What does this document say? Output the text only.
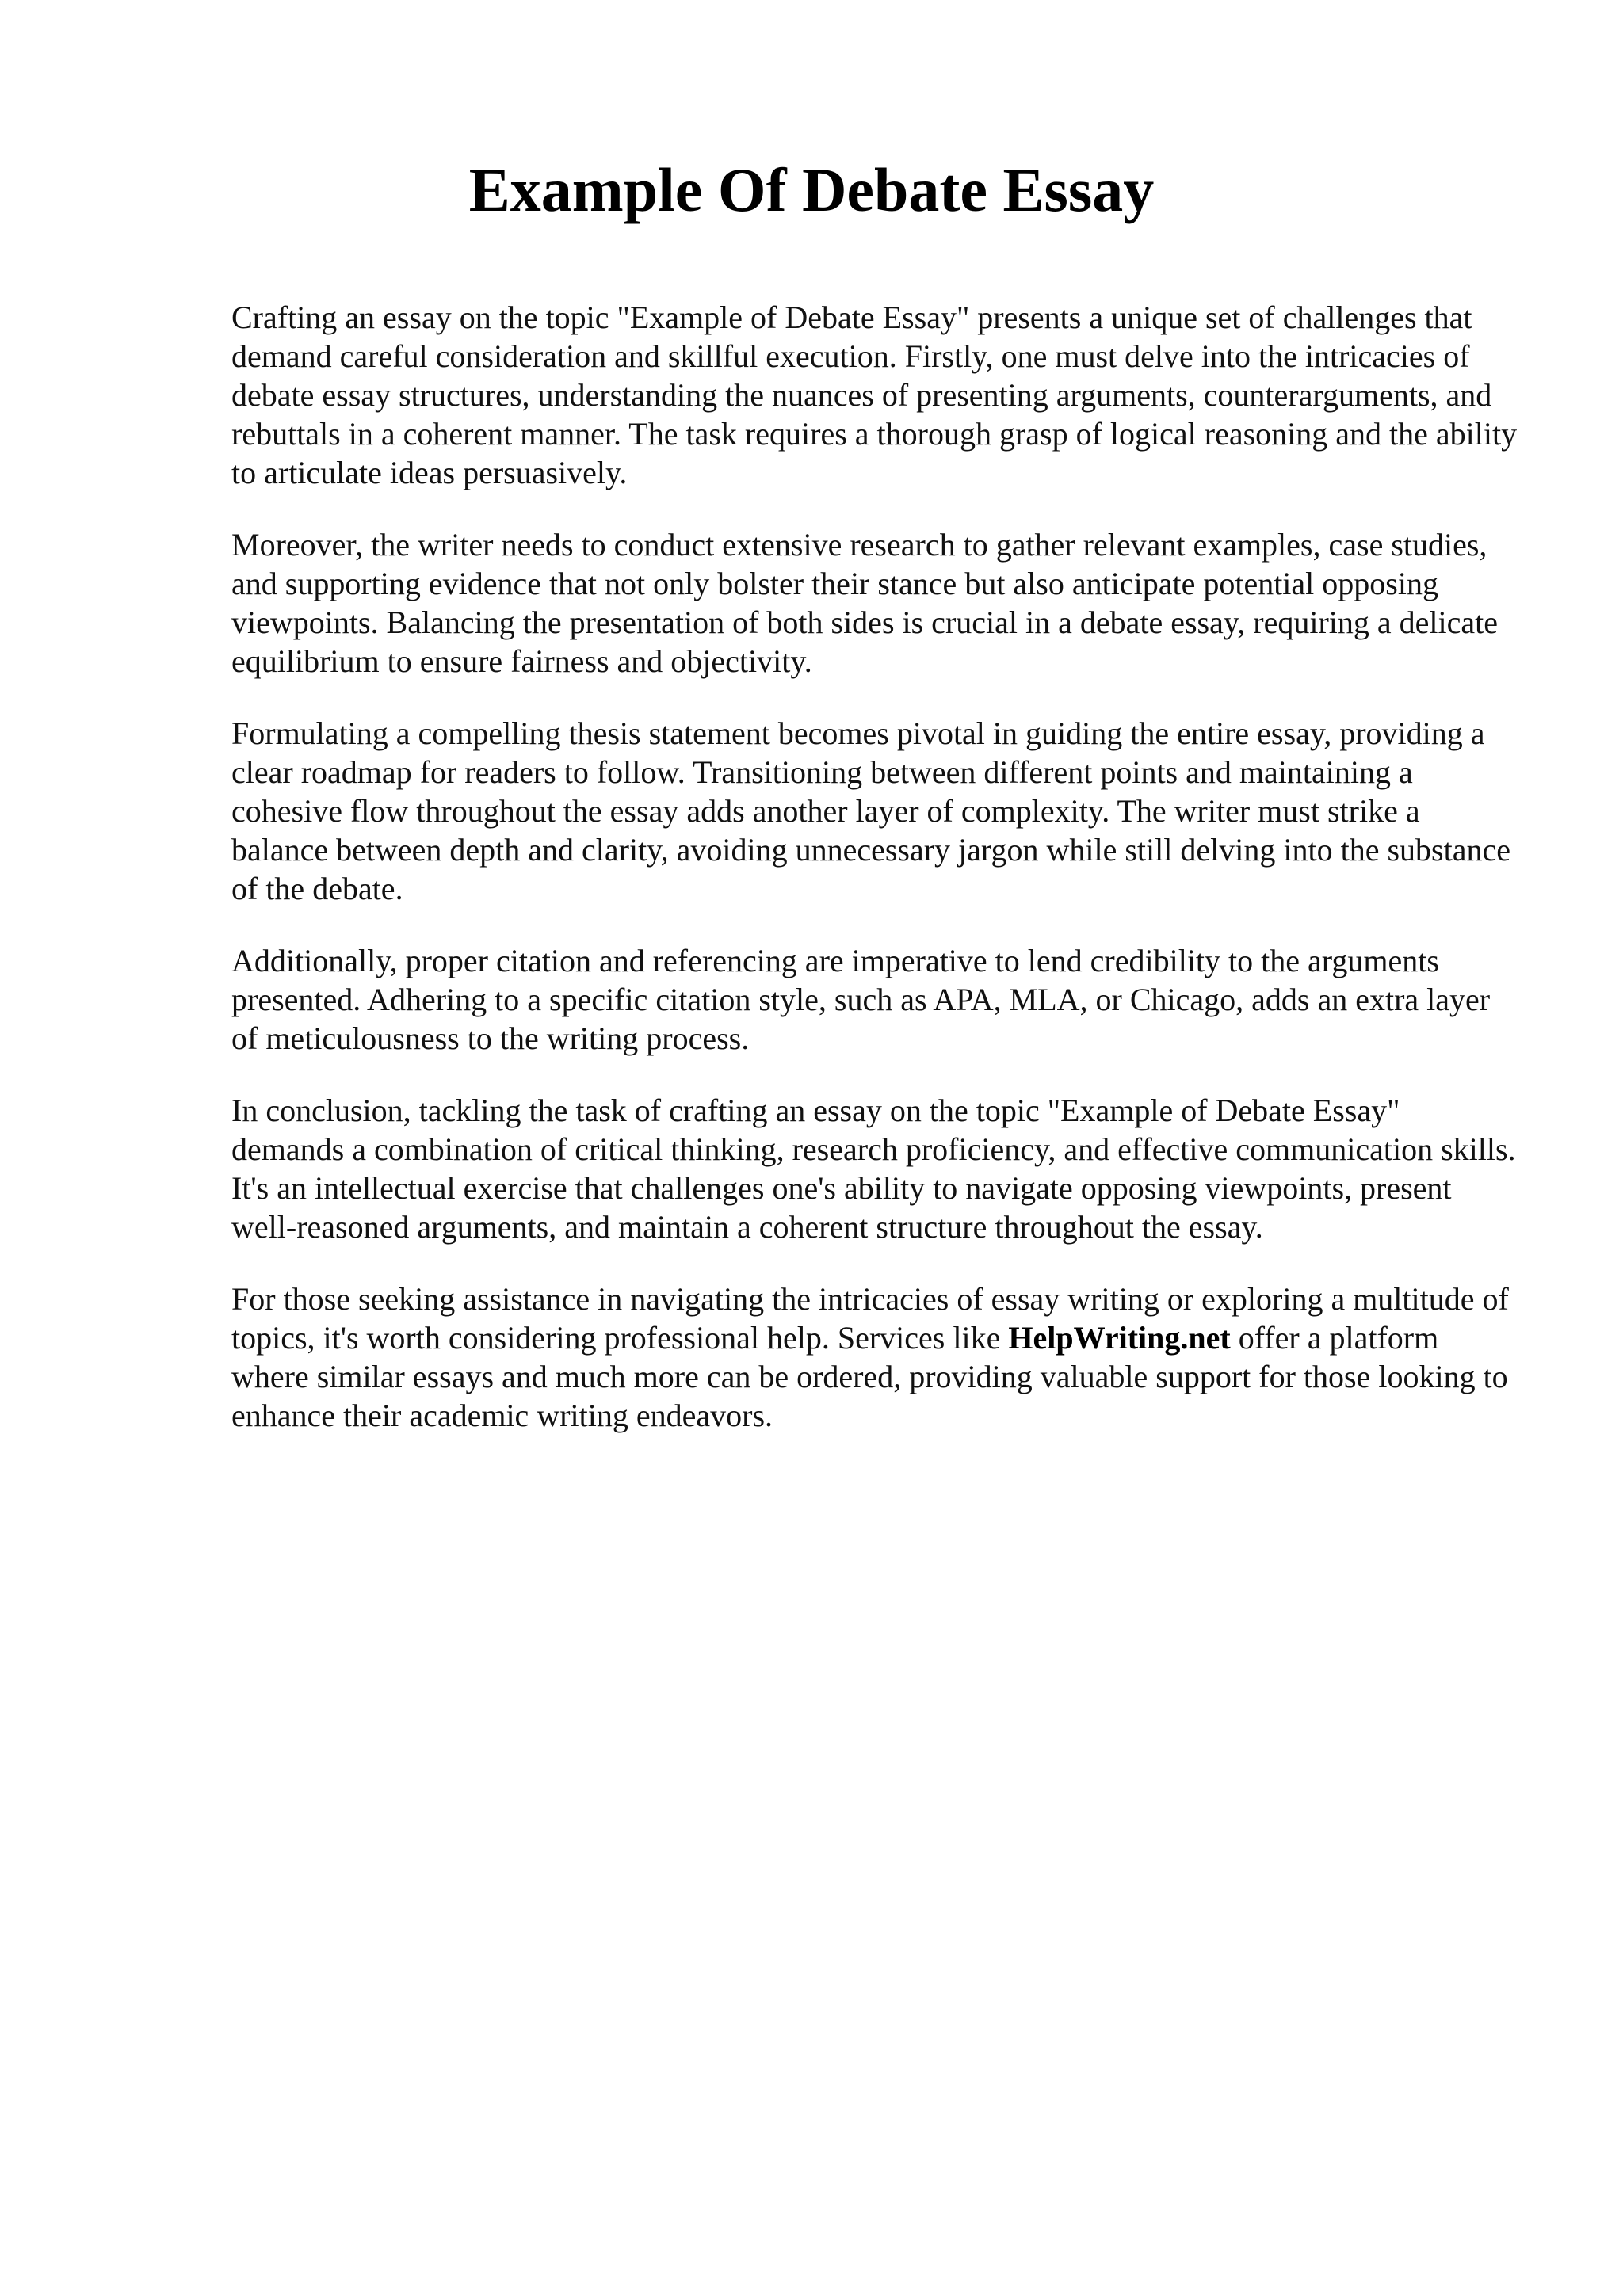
Example Of Debate Essay

Crafting an essay on the topic "Example of Debate Essay" presents a unique set of challenges that demand careful consideration and skillful execution. Firstly, one must delve into the intricacies of debate essay structures, understanding the nuances of presenting arguments, counterarguments, and rebuttals in a coherent manner. The task requires a thorough grasp of logical reasoning and the ability to articulate ideas persuasively.

Moreover, the writer needs to conduct extensive research to gather relevant examples, case studies, and supporting evidence that not only bolster their stance but also anticipate potential opposing viewpoints. Balancing the presentation of both sides is crucial in a debate essay, requiring a delicate equilibrium to ensure fairness and objectivity.

Formulating a compelling thesis statement becomes pivotal in guiding the entire essay, providing a clear roadmap for readers to follow. Transitioning between different points and maintaining a cohesive flow throughout the essay adds another layer of complexity. The writer must strike a balance between depth and clarity, avoiding unnecessary jargon while still delving into the substance of the debate.

Additionally, proper citation and referencing are imperative to lend credibility to the arguments presented. Adhering to a specific citation style, such as APA, MLA, or Chicago, adds an extra layer of meticulousness to the writing process.

In conclusion, tackling the task of crafting an essay on the topic "Example of Debate Essay" demands a combination of critical thinking, research proficiency, and effective communication skills. It's an intellectual exercise that challenges one's ability to navigate opposing viewpoints, present well-reasoned arguments, and maintain a coherent structure throughout the essay.

For those seeking assistance in navigating the intricacies of essay writing or exploring a multitude of topics, it's worth considering professional help. Services like HelpWriting.net offer a platform where similar essays and much more can be ordered, providing valuable support for those looking to enhance their academic writing endeavors.
